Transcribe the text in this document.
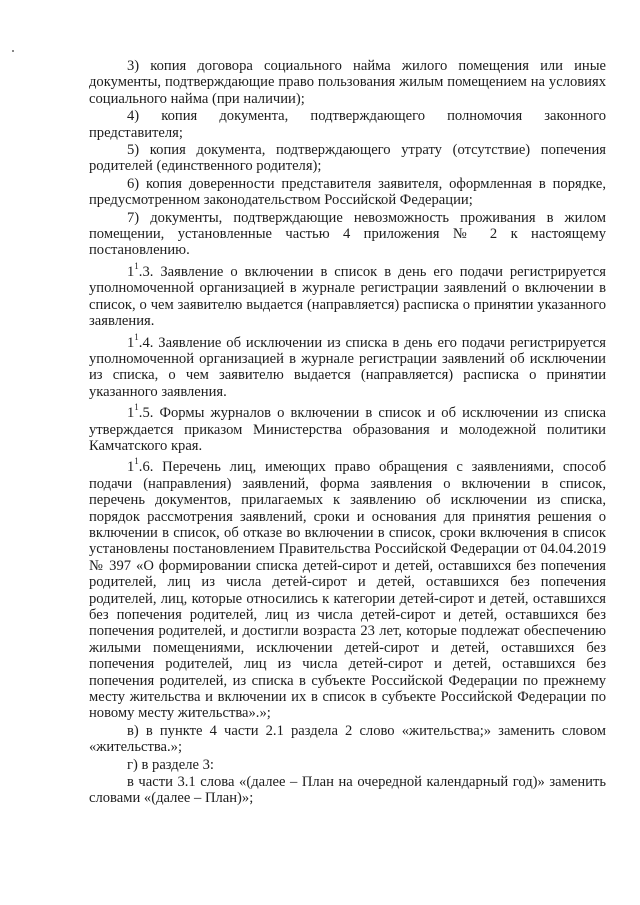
3) копия договора социального найма жилого помещения или иные документы, подтверждающие право пользования жилым помещением на условиях социального найма (при наличии);

4) копия документа, подтверждающего полномочия законного представителя;

5) копия документа, подтверждающего утрату (отсутствие) попечения родителей (единственного родителя);

6) копия доверенности представителя заявителя, оформленная в порядке, предусмотренном законодательством Российской Федерации;

7) документы, подтверждающие невозможность проживания в жилом помещении, установленные частью 4 приложения № 2 к настоящему постановлению.

$1^1.3$. Заявление о включении в список в день его подачи регистрируется уполномоченной организацией в журнале регистрации заявлений о включении в список, о чем заявителю выдается (направляется) расписка о принятии указанного заявления.

$1^1.4$. Заявление об исключении из списка в день его подачи регистрируется уполномоченной организацией в журнале регистрации заявлений об исключении из списка, о чем заявителю выдается (направляется) расписка о принятии указанного заявления.

$1^1.5$. Формы журналов о включении в список и об исключении из списка утверждается приказом Министерства образования и молодежной политики Камчатского края.

$1^1.6$. Перечень лиц, имеющих право обращения с заявлениями, способ подачи (направления) заявлений, форма заявления о включении в список, перечень документов, прилагаемых к заявлению об исключении из списка, порядок рассмотрения заявлений, сроки и основания для принятия решения о включении в список, об отказе во включении в список, сроки включения в список установлены постановлением Правительства Российской Федерации от 04.04.2019 № 397 «О формировании списка детей-сирот и детей, оставшихся без попечения родителей, лиц из числа детей-сирот и детей, оставшихся без попечения родителей, лиц, которые относились к категории детей-сирот и детей, оставшихся без попечения родителей, лиц из числа детей-сирот и детей, оставшихся без попечения родителей, и достигли возраста 23 лет, которые подлежат обеспечению жилыми помещениями, исключении детей-сирот и детей, оставшихся без попечения родителей, лиц из числа детей-сирот и детей, оставшихся без попечения родителей, из списка в субъекте Российской Федерации по прежнему месту жительства и включении их в список в субъекте Российской Федерации по новому месту жительства».»;

в) в пункте 4 части 2.1 раздела 2 слово «жительства;» заменить словом «жительства.»;

г) в разделе 3:

в части 3.1 слова «(далее – План на очередной календарный год)» заменить словами «(далее – План)»;
